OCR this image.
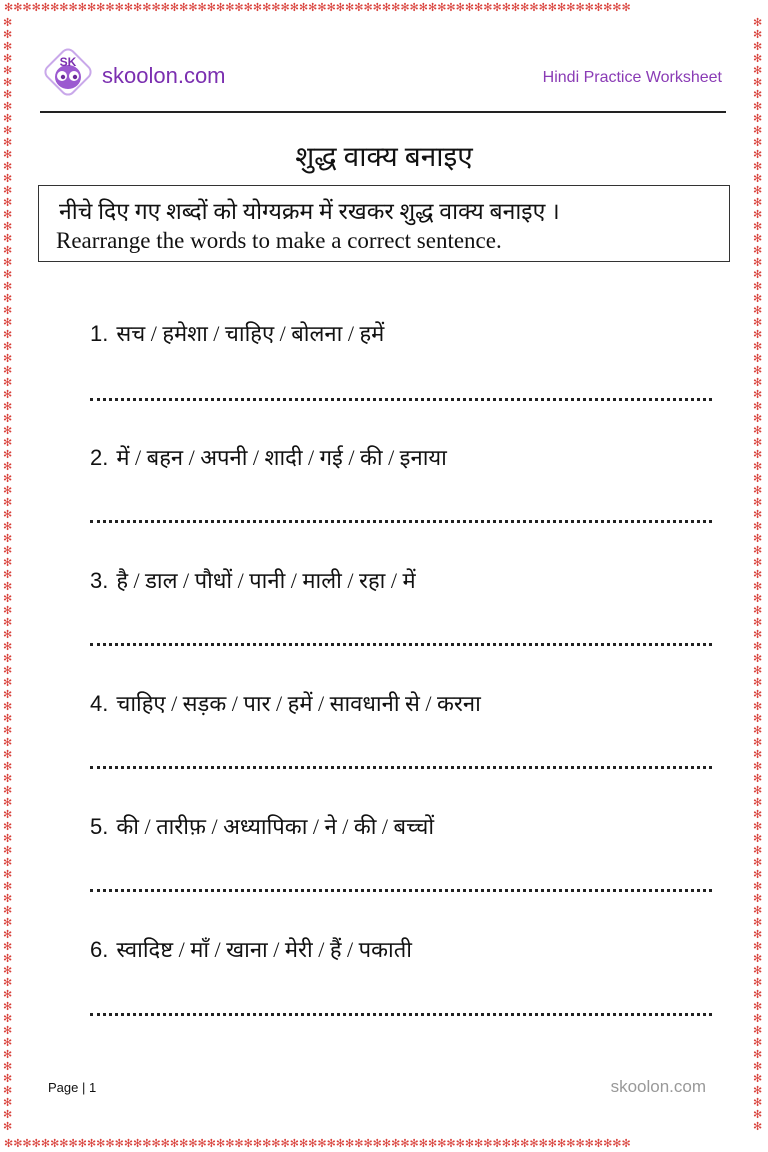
✻✻✻✻✻✻✻✻✻✻✻✻✻✻✻✻✻✻✻✻✻✻✻✻✻✻✻✻✻✻✻✻✻✻✻✻✻✻✻✻✻✻✻✻✻✻✻✻✻✻✻✻✻✻✻✻✻✻✻✻✻✻✻✻✻✻✻✻
✻✻✻✻✻✻✻✻✻✻✻✻✻✻✻✻✻✻✻✻✻✻✻✻✻✻✻✻✻✻✻✻✻✻✻✻✻✻✻✻✻✻✻✻✻✻✻✻✻✻✻✻✻✻✻✻✻✻✻✻✻✻✻✻✻✻✻✻
✻✻✻✻✻✻✻✻✻✻✻✻✻✻✻✻✻✻✻✻✻✻✻✻✻✻✻✻✻✻✻✻✻✻✻✻✻✻✻✻✻✻✻✻✻✻✻✻✻✻✻✻✻✻✻✻✻✻✻✻✻✻✻✻✻✻✻✻✻✻✻✻✻✻✻✻✻✻✻✻✻✻✻✻✻✻✻✻✻✻✻✻✻
✻✻✻✻✻✻✻✻✻✻✻✻✻✻✻✻✻✻✻✻✻✻✻✻✻✻✻✻✻✻✻✻✻✻✻✻✻✻✻✻✻✻✻✻✻✻✻✻✻✻✻✻✻✻✻✻✻✻✻✻✻✻✻✻✻✻✻✻✻✻✻✻✻✻✻✻✻✻✻✻✻✻✻✻✻✻✻✻✻✻✻✻✻
SK
skoolon.com	Hindi Practice Worksheet
शुद्ध वाक्य बनाइए
नीचे दिए गए शब्दों को योग्यक्रम में रखकर शुद्ध वाक्य बनाइए ।
Rearrange the words to make a correct sentence.
1. सच / हमेशा / चाहिए / बोलना / हमें
2. में / बहन / अपनी / शादी / गई / की / इनाया
3. है / डाल / पौधों / पानी / माली / रहा / में
4. चाहिए / सड़क / पार / हमें / सावधानी से / करना
5. की / तारीफ़ / अध्यापिका / ने / की / बच्चों
6. स्वादिष्ट / माँ / खाना / मेरी / हैं / पकाती
Page | 1	skoolon.com
